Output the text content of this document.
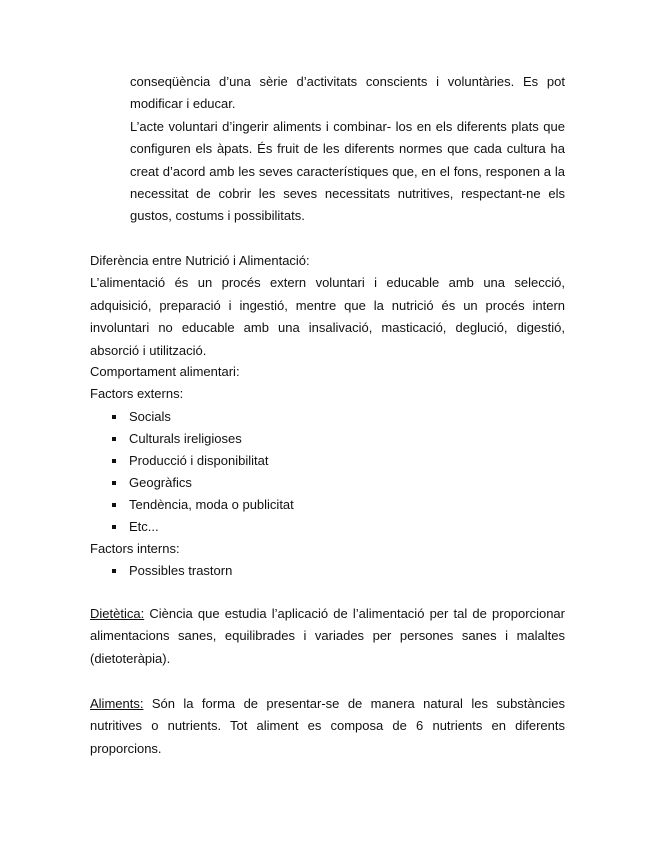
conseqüència d’una sèrie d’activitats conscients i voluntàries. Es pot modificar i educar.

L’acte voluntari d’ingerir aliments i combinar- los en els diferents plats que configuren els àpats. És fruit de les diferents normes que cada cultura ha creat d’acord amb les seves característiques que, en el fons, responen a la necessitat de cobrir les seves necessitats nutritives, respectant-ne els gustos, costums i possibilitats.

Diferència entre Nutrició i Alimentació:

L’alimentació és un procés extern voluntari i educable amb una selecció, adquisició, preparació i ingestió, mentre que la nutrició és un procés intern involuntari no educable amb una insalivació, masticació, deglució, digestió, absorció i utilització.

Comportament alimentari:

Factors externs:

Socials
Culturals ireligioses
Producció i disponibilitat
Geogràfics
Tendència, moda o publicitat
Etc...

Factors interns:

Possibles trastorn

Dietètica: Ciència que estudia l’aplicació de l’alimentació per tal de proporcionar alimentacions sanes, equilibrades i variades per persones sanes i malaltes (dietoteràpia).

Aliments: Són la forma de presentar-se de manera natural les substàncies nutritives o nutrients. Tot aliment es composa de 6 nutrients en diferents proporcions.
